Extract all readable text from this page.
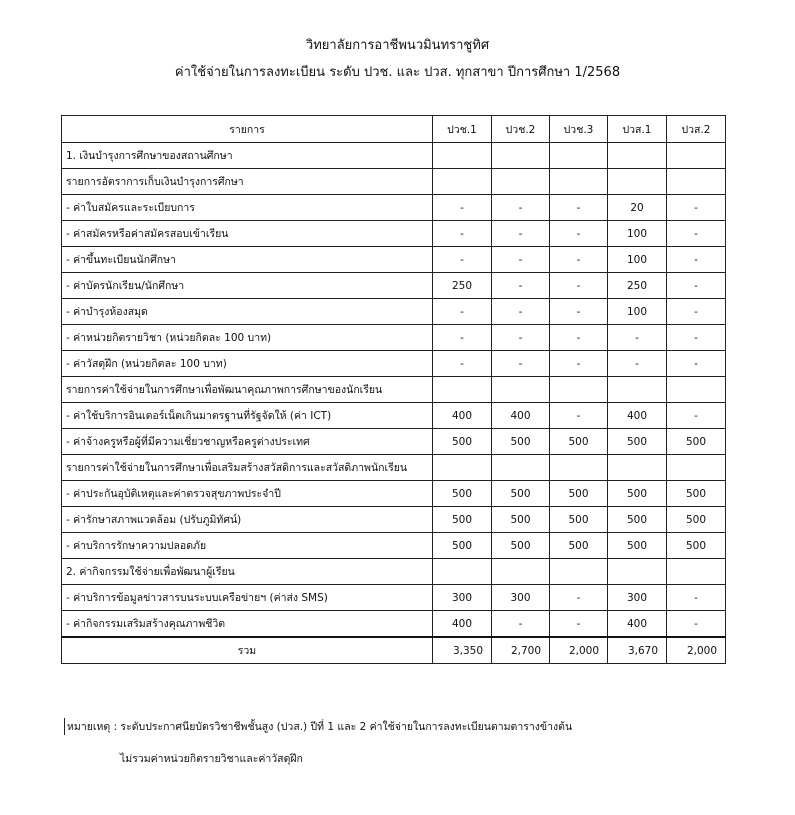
วิทยาลัยการอาชีพนวมินทราชูทิศ
ค่าใช้จ่ายในการลงทะเบียน ระดับ ปวช. และ ปวส. ทุกสาขา ปีการศึกษา 1/2568
รายการ	ปวช.1	ปวช.2	ปวช.3	ปวส.1	ปวส.2
1. เงินบำรุงการศึกษาของสถานศึกษา					
รายการอัตราการเก็บเงินบำรุงการศึกษา					
- ค่าใบสมัครและระเบียบการ	-	-	-	20	-
- ค่าสมัครหรือค่าสมัครสอบเข้าเรียน	-	-	-	100	-
- ค่าขึ้นทะเบียนนักศึกษา	-	-	-	100	-
- ค่าบัตรนักเรียน/นักศึกษา	250	-	-	250	-
- ค่าบำรุงห้องสมุด	-	-	-	100	-
- ค่าหน่วยกิตรายวิชา (หน่วยกิตละ 100 บาท)	-	-	-	-	-
- ค่าวัสดุฝึก (หน่วยกิตละ 100 บาท)	-	-	-	-	-
รายการค่าใช้จ่ายในการศึกษาเพื่อพัฒนาคุณภาพการศึกษาของนักเรียน					
- ค่าใช้บริการอินเตอร์เน็ตเกินมาตรฐานที่รัฐจัดให้ (ค่า ICT)	400	400	-	400	-
- ค่าจ้างครูหรือผู้ที่มีความเชี่ยวชาญหรือครูต่างประเทศ	500	500	500	500	500
รายการค่าใช้จ่ายในการศึกษาเพื่อเสริมสร้างสวัสดิการและสวัสดิภาพนักเรียน					
- ค่าประกันอุบัติเหตุและค่าตรวจสุขภาพประจำปี	500	500	500	500	500
- ค่ารักษาสภาพแวดล้อม (ปรับภูมิทัศน์)	500	500	500	500	500
- ค่าบริการรักษาความปลอดภัย	500	500	500	500	500
2. ค่ากิจกรรมใช้จ่ายเพื่อพัฒนาผู้เรียน					
- ค่าบริการข้อมูลข่าวสารบนระบบเครือข่ายฯ (ค่าส่ง SMS)	300	300	-	300	-
- ค่ากิจกรรมเสริมสร้างคุณภาพชีวิต	400	-	-	400	-
รวม	3,350	2,700	2,000	3,670	2,000
หมายเหตุ : ระดับประกาศนียบัตรวิชาชีพชั้นสูง (ปวส.) ปีที่ 1 และ 2 ค่าใช้จ่ายในการลงทะเบียนตามตารางข้างต้น
ไม่รวมค่าหน่วยกิตรายวิชาและค่าวัสดุฝึก
